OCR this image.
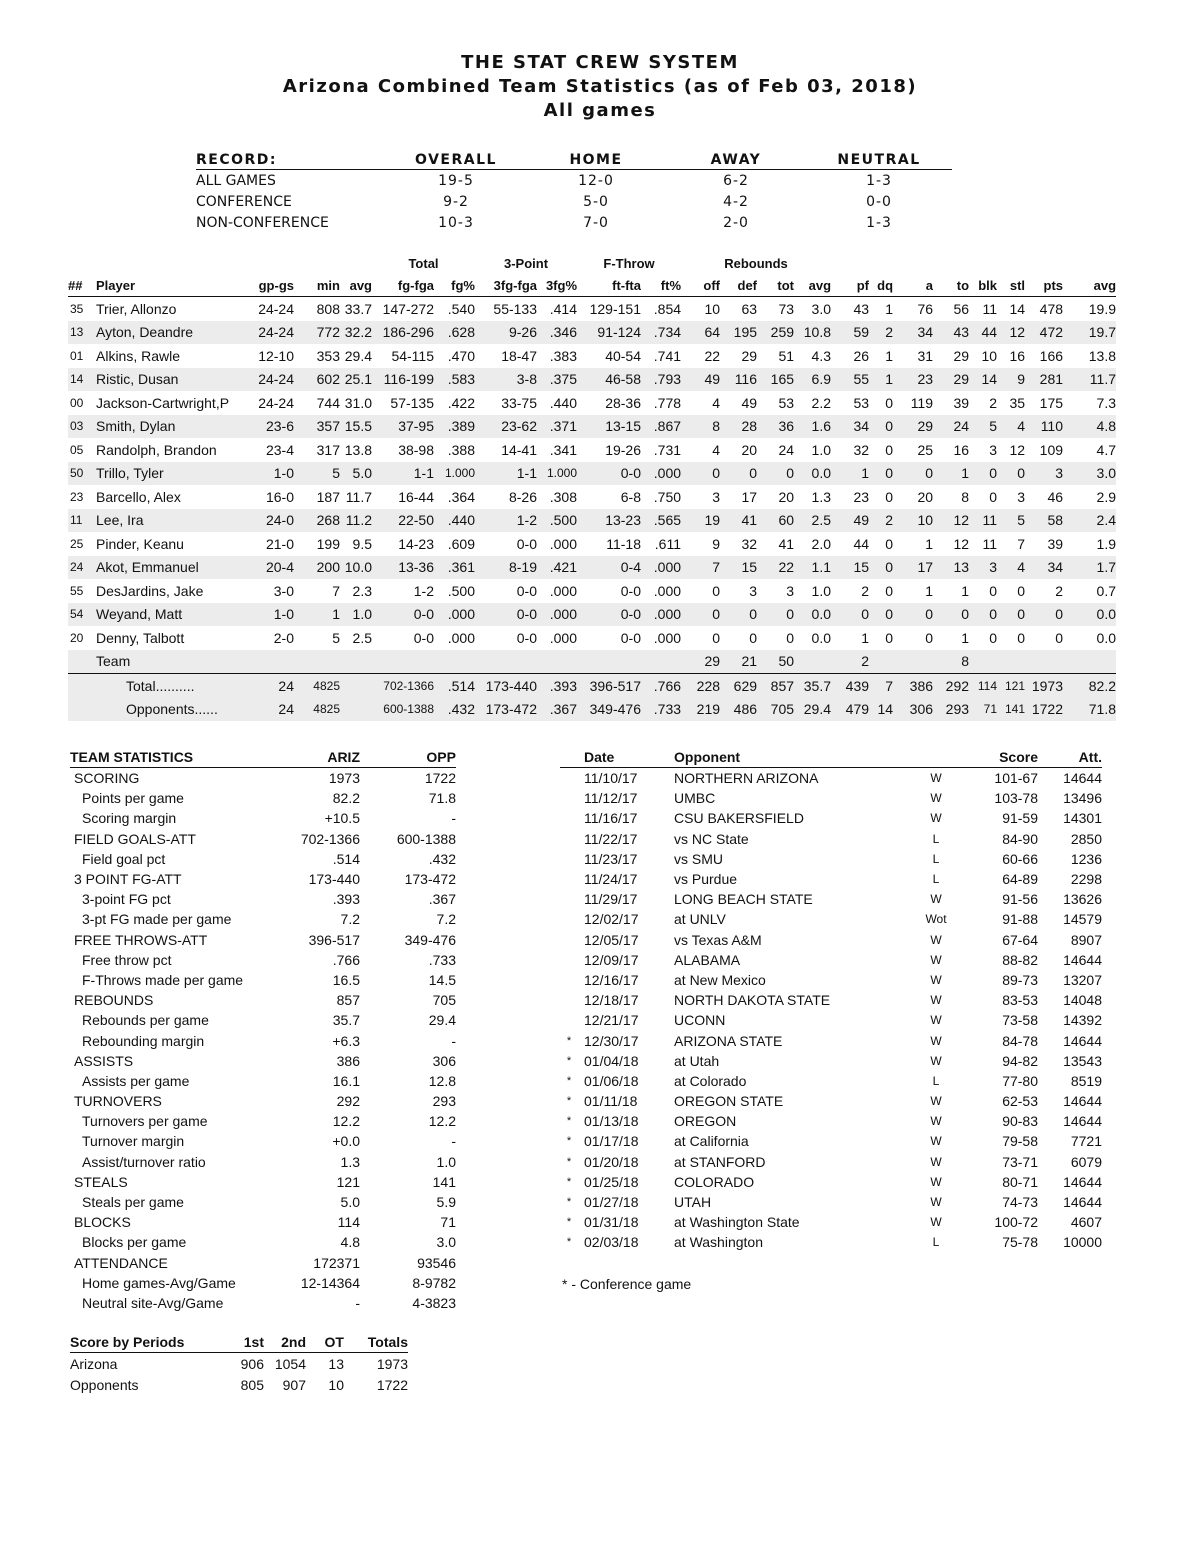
THE STAT CREW SYSTEM
Arizona Combined Team Statistics (as of Feb 03, 2018)
All games
RECORD:	OVERALL	HOME	AWAY	NEUTRAL
ALL GAMES	19-5	12-0	6-2	1-3
CONFERENCE	9-2	5-0	4-2	0-0
NON-CONFERENCE	10-3	7-0	2-0	1-3
					Total		3-Point		F-Throw		Rebounds											
##	Player	gp-gs	min	avg	fg-fga	fg%	3fg-fga	3fg%	ft-fta	ft%	off	def	tot	avg	pf	dq	a	to	blk	stl	pts	avg
35	Trier, Allonzo	24-24	808	33.7	147-272	.540	55-133	.414	129-151	.854	10	63	73	3.0	43	1	76	56	11	14	478	19.9
13	Ayton, Deandre	24-24	772	32.2	186-296	.628	9-26	.346	91-124	.734	64	195	259	10.8	59	2	34	43	44	12	472	19.7
01	Alkins, Rawle	12-10	353	29.4	54-115	.470	18-47	.383	40-54	.741	22	29	51	4.3	26	1	31	29	10	16	166	13.8
14	Ristic, Dusan	24-24	602	25.1	116-199	.583	3-8	.375	46-58	.793	49	116	165	6.9	55	1	23	29	14	9	281	11.7
00	Jackson-Cartwright,P	24-24	744	31.0	57-135	.422	33-75	.440	28-36	.778	4	49	53	2.2	53	0	119	39	2	35	175	7.3
03	Smith, Dylan	23-6	357	15.5	37-95	.389	23-62	.371	13-15	.867	8	28	36	1.6	34	0	29	24	5	4	110	4.8
05	Randolph, Brandon	23-4	317	13.8	38-98	.388	14-41	.341	19-26	.731	4	20	24	1.0	32	0	25	16	3	12	109	4.7
50	Trillo, Tyler	1-0	5	5.0	1-1	1.000	1-1	1.000	0-0	.000	0	0	0	0.0	1	0	0	1	0	0	3	3.0
23	Barcello, Alex	16-0	187	11.7	16-44	.364	8-26	.308	6-8	.750	3	17	20	1.3	23	0	20	8	0	3	46	2.9
11	Lee, Ira	24-0	268	11.2	22-50	.440	1-2	.500	13-23	.565	19	41	60	2.5	49	2	10	12	11	5	58	2.4
25	Pinder, Keanu	21-0	199	9.5	14-23	.609	0-0	.000	11-18	.611	9	32	41	2.0	44	0	1	12	11	7	39	1.9
24	Akot, Emmanuel	20-4	200	10.0	13-36	.361	8-19	.421	0-4	.000	7	15	22	1.1	15	0	17	13	3	4	34	1.7
55	DesJardins, Jake	3-0	7	2.3	1-2	.500	0-0	.000	0-0	.000	0	3	3	1.0	2	0	1	1	0	0	2	0.7
54	Weyand, Matt	1-0	1	1.0	0-0	.000	0-0	.000	0-0	.000	0	0	0	0.0	0	0	0	0	0	0	0	0.0
20	Denny, Talbott	2-0	5	2.5	0-0	.000	0-0	.000	0-0	.000	0	0	0	0.0	1	0	0	1	0	0	0	0.0
	Team										29	21	50		2			8				
	Total..........	24	4825		702-1366	.514	173-440	.393	396-517	.766	228	629	857	35.7	439	7	386	292	114	121	1973	82.2
	Opponents......	24	4825		600-1388	.432	173-472	.367	349-476	.733	219	486	705	29.4	479	14	306	293	71	141	1722	71.8
TEAM STATISTICS	ARIZ	OPP
SCORING	1973	1722
Points per game	82.2	71.8
Scoring margin	+10.5	-
FIELD GOALS-ATT	702-1366	600-1388
Field goal pct	.514	.432
3 POINT FG-ATT	173-440	173-472
3-point FG pct	.393	.367
3-pt FG made per game	7.2	7.2
FREE THROWS-ATT	396-517	349-476
Free throw pct	.766	.733
F-Throws made per game	16.5	14.5
REBOUNDS	857	705
Rebounds per game	35.7	29.4
Rebounding margin	+6.3	-
ASSISTS	386	306
Assists per game	16.1	12.8
TURNOVERS	292	293
Turnovers per game	12.2	12.2
Turnover margin	+0.0	-
Assist/turnover ratio	1.3	1.0
STEALS	121	141
Steals per game	5.0	5.9
BLOCKS	114	71
Blocks per game	4.8	3.0
ATTENDANCE	172371	93546
Home games-Avg/Game	12-14364	8-9782
Neutral site-Avg/Game	-	4-3823
	Date	Opponent		Score	Att.
	11/10/17	NORTHERN ARIZONA	W	101-67	14644
	11/12/17	UMBC	W	103-78	13496
	11/16/17	CSU BAKERSFIELD	W	91-59	14301
	11/22/17	vs NC State	L	84-90	2850
	11/23/17	vs SMU	L	60-66	1236
	11/24/17	vs Purdue	L	64-89	2298
	11/29/17	LONG BEACH STATE	W	91-56	13626
	12/02/17	at UNLV	Wot	91-88	14579
	12/05/17	vs Texas A&M	W	67-64	8907
	12/09/17	ALABAMA	W	88-82	14644
	12/16/17	at New Mexico	W	89-73	13207
	12/18/17	NORTH DAKOTA STATE	W	83-53	14048
	12/21/17	UCONN	W	73-58	14392
*	12/30/17	ARIZONA STATE	W	84-78	14644
*	01/04/18	at Utah	W	94-82	13543
*	01/06/18	at Colorado	L	77-80	8519
*	01/11/18	OREGON STATE	W	62-53	14644
*	01/13/18	OREGON	W	90-83	14644
*	01/17/18	at California	W	79-58	7721
*	01/20/18	at STANFORD	W	73-71	6079
*	01/25/18	COLORADO	W	80-71	14644
*	01/27/18	UTAH	W	74-73	14644
*	01/31/18	at Washington State	W	100-72	4607
*	02/03/18	at Washington	L	75-78	10000
* - Conference game
Score by Periods	1st	2nd	OT	Totals
Arizona	906	1054	13	1973
Opponents	805	907	10	1722
